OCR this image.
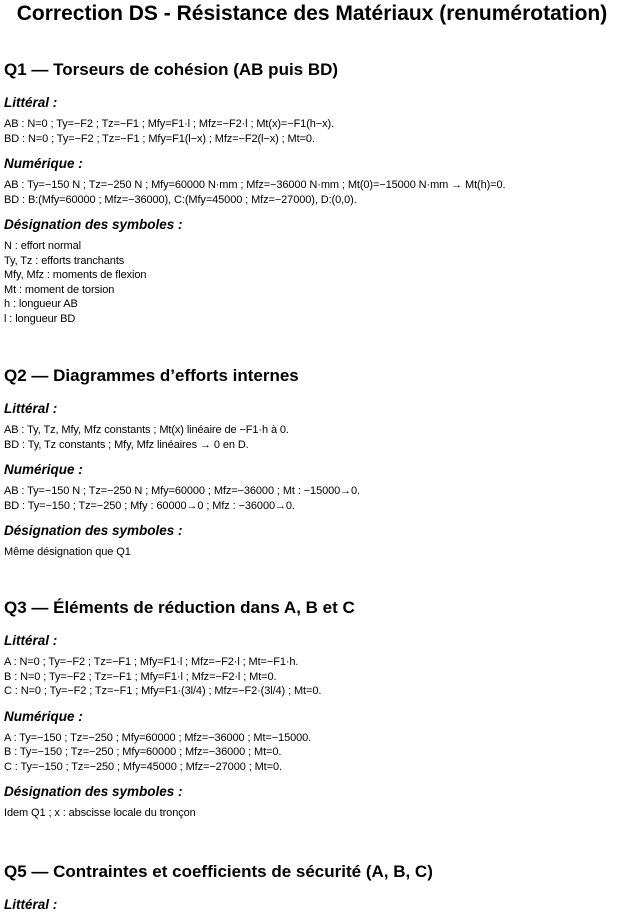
Correction DS - Résistance des Matériaux (renumérotation)
Q1 — Torseurs de cohésion (AB puis BD)

Littéral :

AB : N=0 ; Ty=−F2 ; Tz=−F1 ; Mfy=F1·l ; Mfz=−F2·l ; Mt(x)=−F1(h−x).
BD : N=0 ; Ty=−F2 ; Tz=−F1 ; Mfy=F1(l−x) ; Mfz=−F2(l−x) ; Mt=0.

Numérique :

AB : Ty=−150 N ; Tz=−250 N ; Mfy=60000 N·mm ; Mfz=−36000 N·mm ; Mt(0)=−15000 N·mm → Mt(h)=0.
BD : B:(Mfy=60000 ; Mfz=−36000), C:(Mfy=45000 ; Mfz=−27000), D:(0,0).

Désignation des symboles :

N : effort normal
Ty, Tz : efforts tranchants
Mfy, Mfz : moments de flexion
Mt : moment de torsion
h : longueur AB
l : longueur BD
Q2 — Diagrammes d’efforts internes

Littéral :

AB : Ty, Tz, Mfy, Mfz constants ; Mt(x) linéaire de −F1·h à 0.
BD : Ty, Tz constants ; Mfy, Mfz linéaires → 0 en D.

Numérique :

AB : Ty=−150 N ; Tz=−250 N ; Mfy=60000 ; Mfz=−36000 ; Mt : −15000→0.
BD : Ty=−150 ; Tz=−250 ; Mfy : 60000→0 ; Mfz : −36000→0.

Désignation des symboles :

Même désignation que Q1
Q3 — Éléments de réduction dans A, B et C

Littéral :

A : N=0 ; Ty=−F2 ; Tz=−F1 ; Mfy=F1·l ; Mfz=−F2·l ; Mt=−F1·h.
B : N=0 ; Ty=−F2 ; Tz=−F1 ; Mfy=F1·l ; Mfz=−F2·l ; Mt=0.
C : N=0 ; Ty=−F2 ; Tz=−F1 ; Mfy=F1·(3l/4) ; Mfz=−F2·(3l/4) ; Mt=0.

Numérique :

A : Ty=−150 ; Tz=−250 ; Mfy=60000 ; Mfz=−36000 ; Mt=−15000.
B : Ty=−150 ; Tz=−250 ; Mfy=60000 ; Mfz=−36000 ; Mt=0.
C : Ty=−150 ; Tz=−250 ; Mfy=45000 ; Mfz=−27000 ; Mt=0.

Désignation des symboles :

Idem Q1 ; x : abscisse locale du tronçon
Q5 — Contraintes et coefficients de sécurité (A, B, C)

Littéral :
